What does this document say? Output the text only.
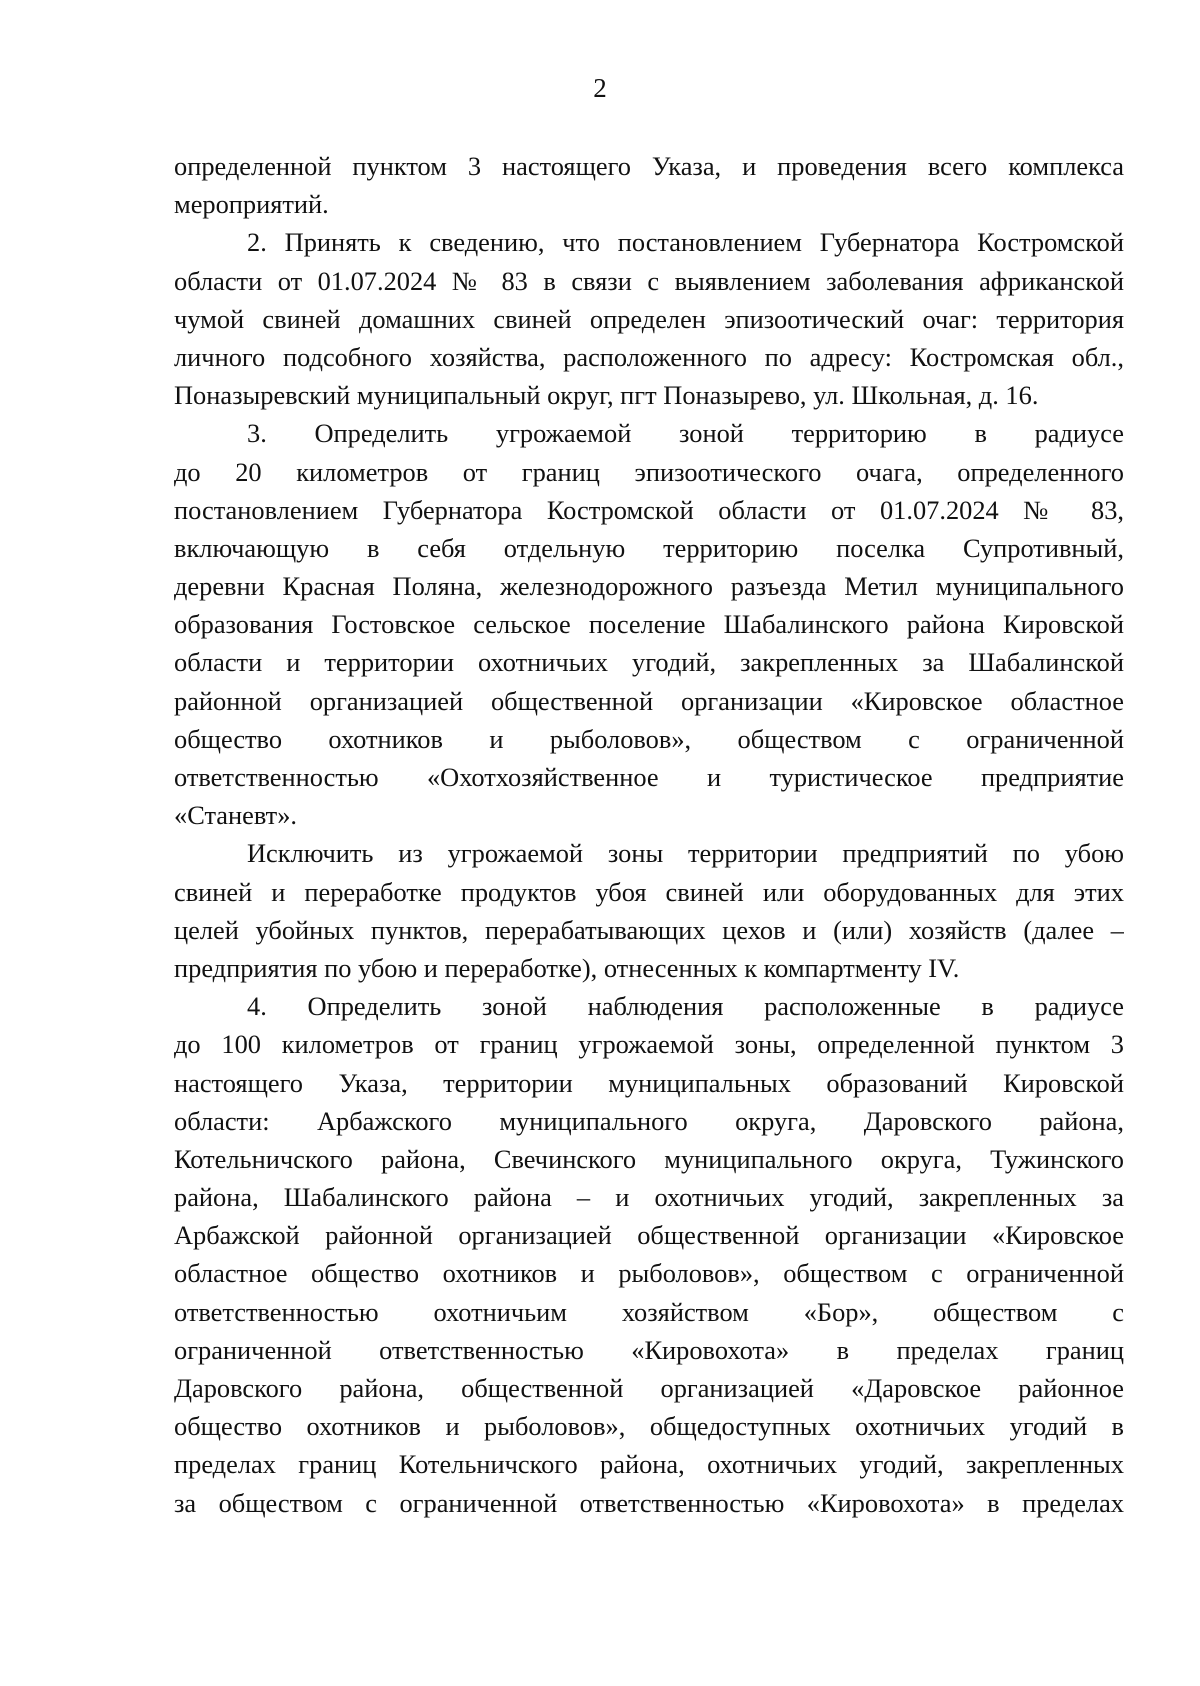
2
определенной пунктом 3 настоящего Указа, и проведения всего комплекса
мероприятий.
2. Принять к сведению, что постановлением Губернатора Костромской
области от 01.07.2024 № 83 в связи с выявлением заболевания африканской
чумой свиней домашних свиней определен эпизоотический очаг: территория
личного подсобного хозяйства, расположенного по адресу: Костромская обл.,
Поназыревский муниципальный округ, пгт Поназырево, ул. Школьная, д. 16.
3. Определить угрожаемой зоной территорию в радиусе
до 20 километров от границ эпизоотического очага, определенного
постановлением Губернатора Костромской области от 01.07.2024 № 83,
включающую в себя отдельную территорию поселка Супротивный,
деревни Красная Поляна, железнодорожного разъезда Метил муниципального
образования Гостовское сельское поселение Шабалинского района Кировской
области и территории охотничьих угодий, закрепленных за Шабалинской
районной организацией общественной организации «Кировское областное
общество охотников и рыболовов», обществом с ограниченной
ответственностью «Охотхозяйственное и туристическое предприятие
«Станевт».
Исключить из угрожаемой зоны территории предприятий по убою
свиней и переработке продуктов убоя свиней или оборудованных для этих
целей убойных пунктов, перерабатывающих цехов и (или) хозяйств (далее –
предприятия по убою и переработке), отнесенных к компартменту IV.
4. Определить зоной наблюдения расположенные в радиусе
до 100 километров от границ угрожаемой зоны, определенной пунктом 3
настоящего Указа, территории муниципальных образований Кировской
области: Арбажского муниципального округа, Даровского района,
Котельничского района, Свечинского муниципального округа, Тужинского
района, Шабалинского района – и охотничьих угодий, закрепленных за
Арбажской районной организацией общественной организации «Кировское
областное общество охотников и рыболовов», обществом с ограниченной
ответственностью охотничьим хозяйством «Бор», обществом с
ограниченной ответственностью «Кировохота» в пределах границ
Даровского района, общественной организацией «Даровское районное
общество охотников и рыболовов», общедоступных охотничьих угодий в
пределах границ Котельничского района, охотничьих угодий, закрепленных
за обществом с ограниченной ответственностью «Кировохота» в пределах
